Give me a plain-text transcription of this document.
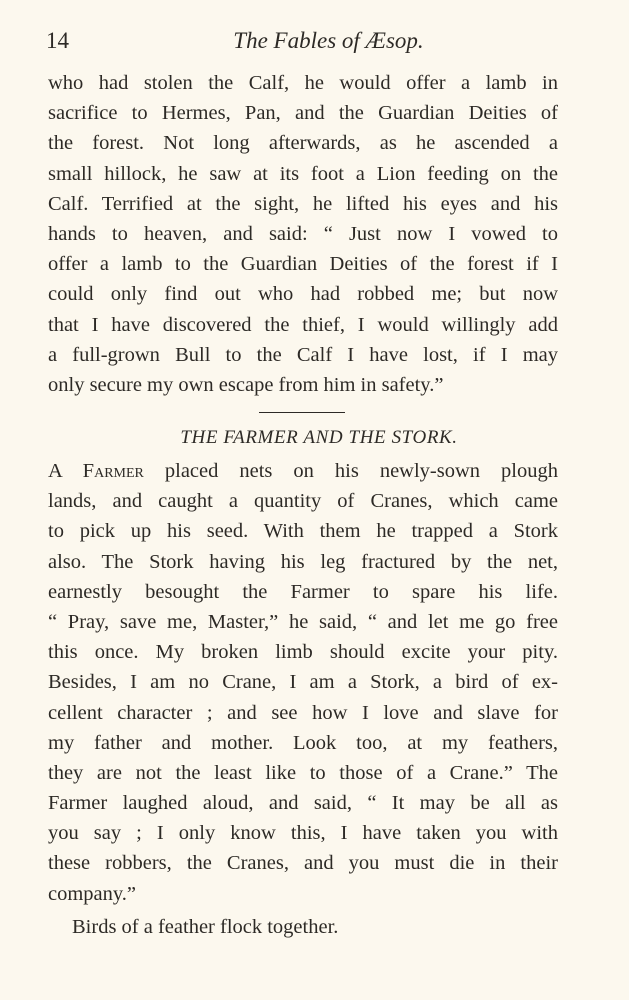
14	The Fables of Æsop.
who had stolen the Calf, he would offer a lamb in
sacrifice to Hermes, Pan, and the Guardian Deities of
the forest. Not long afterwards, as he ascended a
small hillock, he saw at its foot a Lion feeding on the
Calf. Terrified at the sight, he lifted his eyes and his
hands to heaven, and said: “ Just now I vowed to
offer a lamb to the Guardian Deities of the forest if I
could only find out who had robbed me; but now
that I have discovered the thief, I would willingly add
a full-grown Bull to the Calf I have lost, if I may
only secure my own escape from him in safety.”
THE FARMER AND THE STORK.
A Farmer placed nets on his newly-sown plough
lands, and caught a quantity of Cranes, which came
to pick up his seed. With them he trapped a Stork
also. The Stork having his leg fractured by the net,
earnestly besought the Farmer to spare his life.
“ Pray, save me, Master,” he said, “ and let me go free
this once. My broken limb should excite your pity.
Besides, I am no Crane, I am a Stork, a bird of ex-
cellent character ; and see how I love and slave for
my father and mother. Look too, at my feathers,
they are not the least like to those of a Crane.” The
Farmer laughed aloud, and said, “ It may be all as
you say ; I only know this, I have taken you with
these robbers, the Cranes, and you must die in their
company.”
Birds of a feather flock together.
